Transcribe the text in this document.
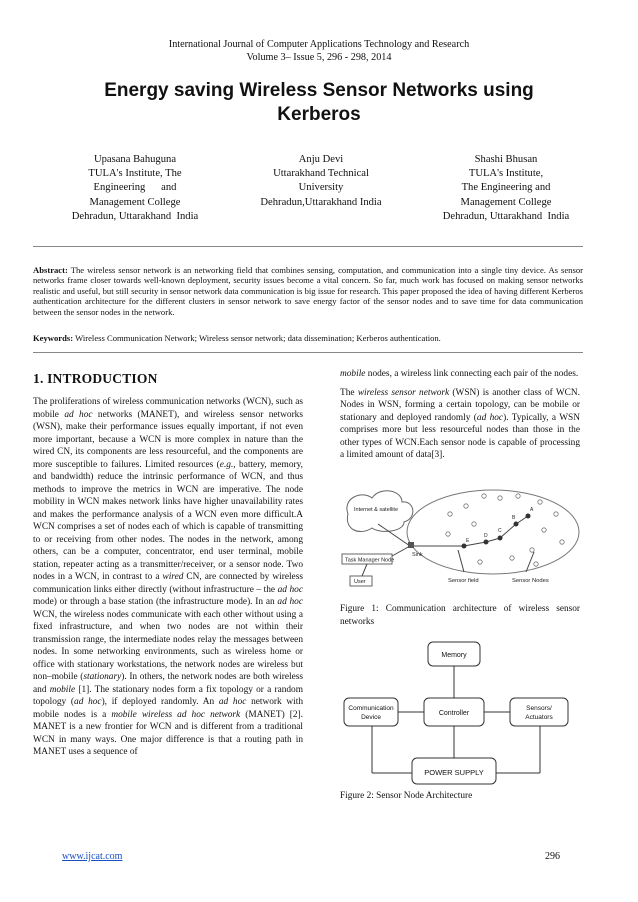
International Journal of Computer Applications Technology and Research
Volume 3– Issue 5, 296 - 298, 2014
Energy saving Wireless Sensor Networks using
Kerberos
Upasana Bahuguna
TULA's Institute, The
Engineering      and
Management College
Dehradun, Uttarakhand  India
Anju Devi
Uttarakhand Technical
University
Dehradun,Uttarakhand India
Shashi Bhusan
TULA's Institute,
The Engineering and
Management College
Dehradun, Uttarakhand  India
Abstract: The wireless sensor network is an networking field that combines sensing, computation, and communication into a single tiny device. As sensor networks frame closer towards well-known deployment, security issues become a vital concern. So far, much work has focused on making sensor networks realistic and useful, but still security in sensor network data communication is big issue for research. This paper proposed the idea of having different Kerberos authentication architecture for the different clusters in sensor network to save energy factor of the sensor nodes and to save time for data communication between the sensor nodes in the network.
Keywords: Wireless Communication Network; Wireless sensor network; data dissemination; Kerberos authentication.
1. INTRODUCTION

The proliferations of wireless communication networks (WCN), such as mobile ad hoc networks (MANET), and wireless sensor networks (WSN), make their performance issues equally important, if not even more important, because a WCN is more complex in nature than the wired CN, its components are less resourceful, and the components are more susceptible to failures. Limited resources (e.g., battery, memory, and bandwidth) reduce the intrinsic performance of WCN, and thus methods to improve the metrics in WCN are imperative. The node mobility in WCN makes network links have higher unavailability rates and makes the performance analysis of a WCN even more difficult.A WCN comprises a set of nodes each of which is capable of transmitting to or receiving from other nodes. The nodes in the network, among others, can be a computer, concentrator, end user terminal, mobile station, repeater acting as a transmitter/receiver, or a sensor node. Two nodes in a WCN, in contrast to a wired CN, are connected by wireless communication links either directly (without infrastructure – the ad hoc mode) or through a base station (the infrastructure mode). In an ad hoc WCN, the wireless nodes communicate with each other without using a fixed infrastructure, and when two nodes are not within their transmission range, the intermediate nodes relay the messages between nodes. In some networking environments, such as wireless home or office with stationary workstations, the network nodes are wireless but non–mobile (stationary). In others, the network nodes are both wireless and mobile [1]. The stationary nodes form a fix topology or a random topology (ad hoc), if deployed randomly. An ad hoc network with mobile nodes is a mobile wireless ad hoc network (MANET) [2]. MANET is a new frontier for WCN and is different from a traditional WCN in many ways. One major difference is that a routing path in MANET uses a sequence of

mobile nodes, a wireless link connecting each pair of the nodes.

The wireless sensor network (WSN) is another class of WCN. Nodes in WSN, forming a certain topology, can be mobile or stationary and deployed randomly (ad hoc). Typically, a WSN comprises more but less resourceful nodes than those in the other types of WCN.Each sensor node is capable of processing a limited amount of data[3].

Internet & satellite
Task Manager Node
User
Sink
E
D
C
B
A
Sensor field	Sensor Nodes
Figure 1: Communication architecture of wireless sensor networks
Memory
Communication
Device
Controller
Sensors/
Actuators
POWER SUPPLY
Figure 2: Sensor Node Architecture
www.ijcat.com	296
